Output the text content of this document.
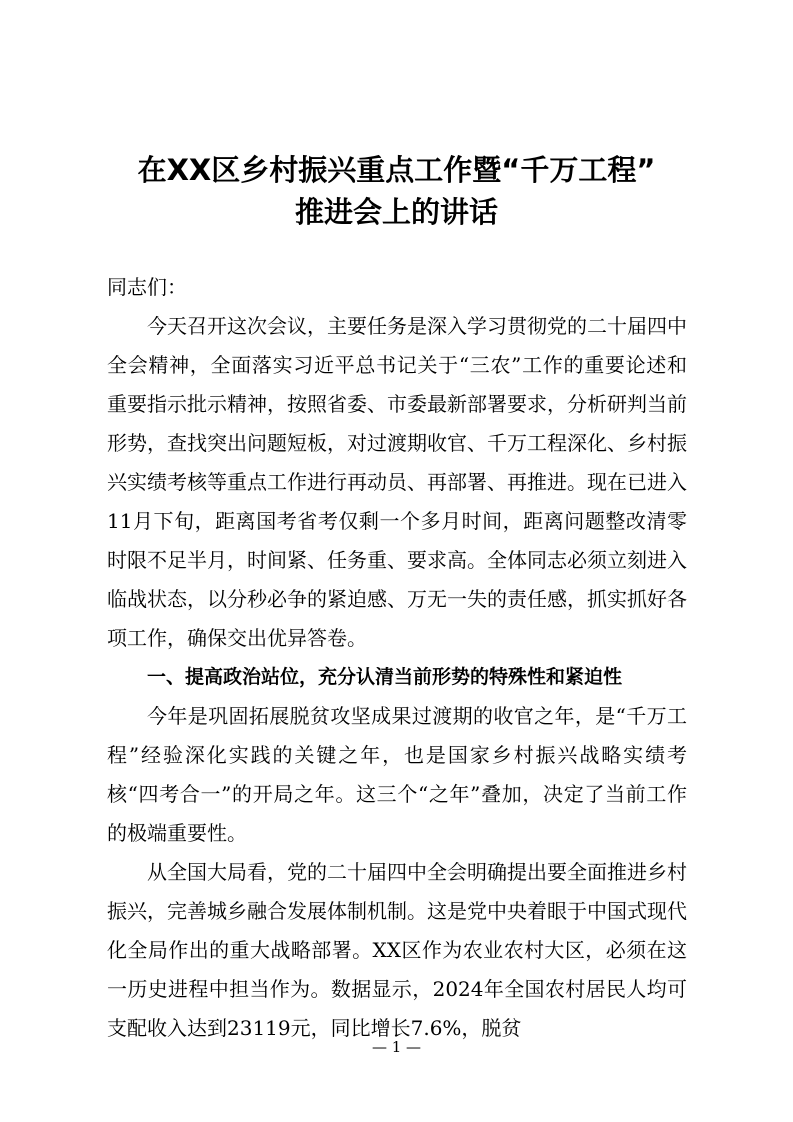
在XX区乡村振兴重点工作暨“千万工程”
推进会上的讲话

同志们：

今天召开这次会议，主要任务是深入学习贯彻党的二十届四中全会精神，全面落实习近平总书记关于“三农”工作的重要论述和重要指示批示精神，按照省委、市委最新部署要求，分析研判当前形势，查找突出问题短板，对过渡期收官、千万工程深化、乡村振兴实绩考核等重点工作进行再动员、再部署、再推进。现在已进入11月下旬，距离国考省考仅剩一个多月时间，距离问题整改清零时限不足半月，时间紧、任务重、要求高。全体同志必须立刻进入临战状态，以分秒必争的紧迫感、万无一失的责任感，抓实抓好各项工作，确保交出优异答卷。

一、提高政治站位，充分认清当前形势的特殊性和紧迫性

今年是巩固拓展脱贫攻坚成果过渡期的收官之年，是“千万工程”经验深化实践的关键之年，也是国家乡村振兴战略实绩考核“四考合一”的开局之年。这三个“之年”叠加，决定了当前工作的极端重要性。

从全国大局看，党的二十届四中全会明确提出要全面推进乡村振兴，完善城乡融合发展体制机制。这是党中央着眼于中国式现代化全局作出的重大战略部署。XX区作为农业农村大区，必须在这一历史进程中担当作为。数据显示，2024年全国农村居民人均可支配收入达到23119元，同比增长7.6%，脱贫

— 1 —
